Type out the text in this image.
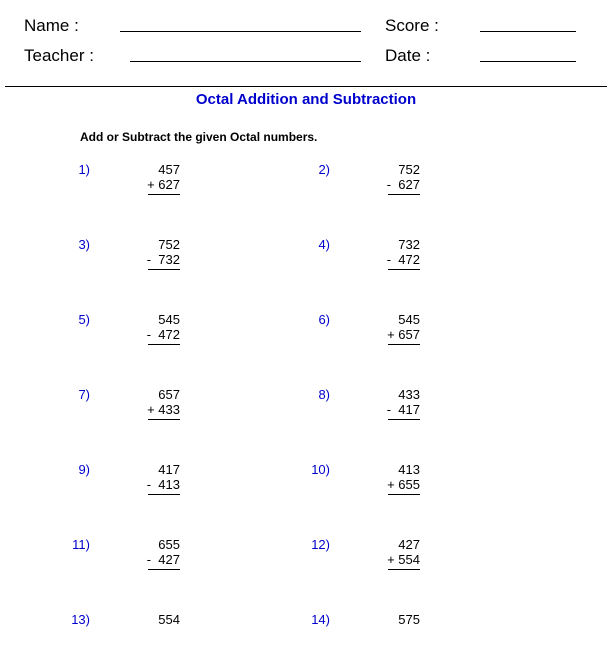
Name :	Score :
Teacher :	Date :
Octal Addition and Subtraction
Add or Subtract the given Octal numbers.
1)	457
+ 627
2)	752
-  627
3)	752
-  732
4)	732
-  472
5)	545
-  472
6)	545
+ 657
7)	657
+ 433
8)	433
-  417
9)	417
-  413
10)	413
+ 655
11)	655
-  427
12)	427
+ 554
13)	554	14)	575
